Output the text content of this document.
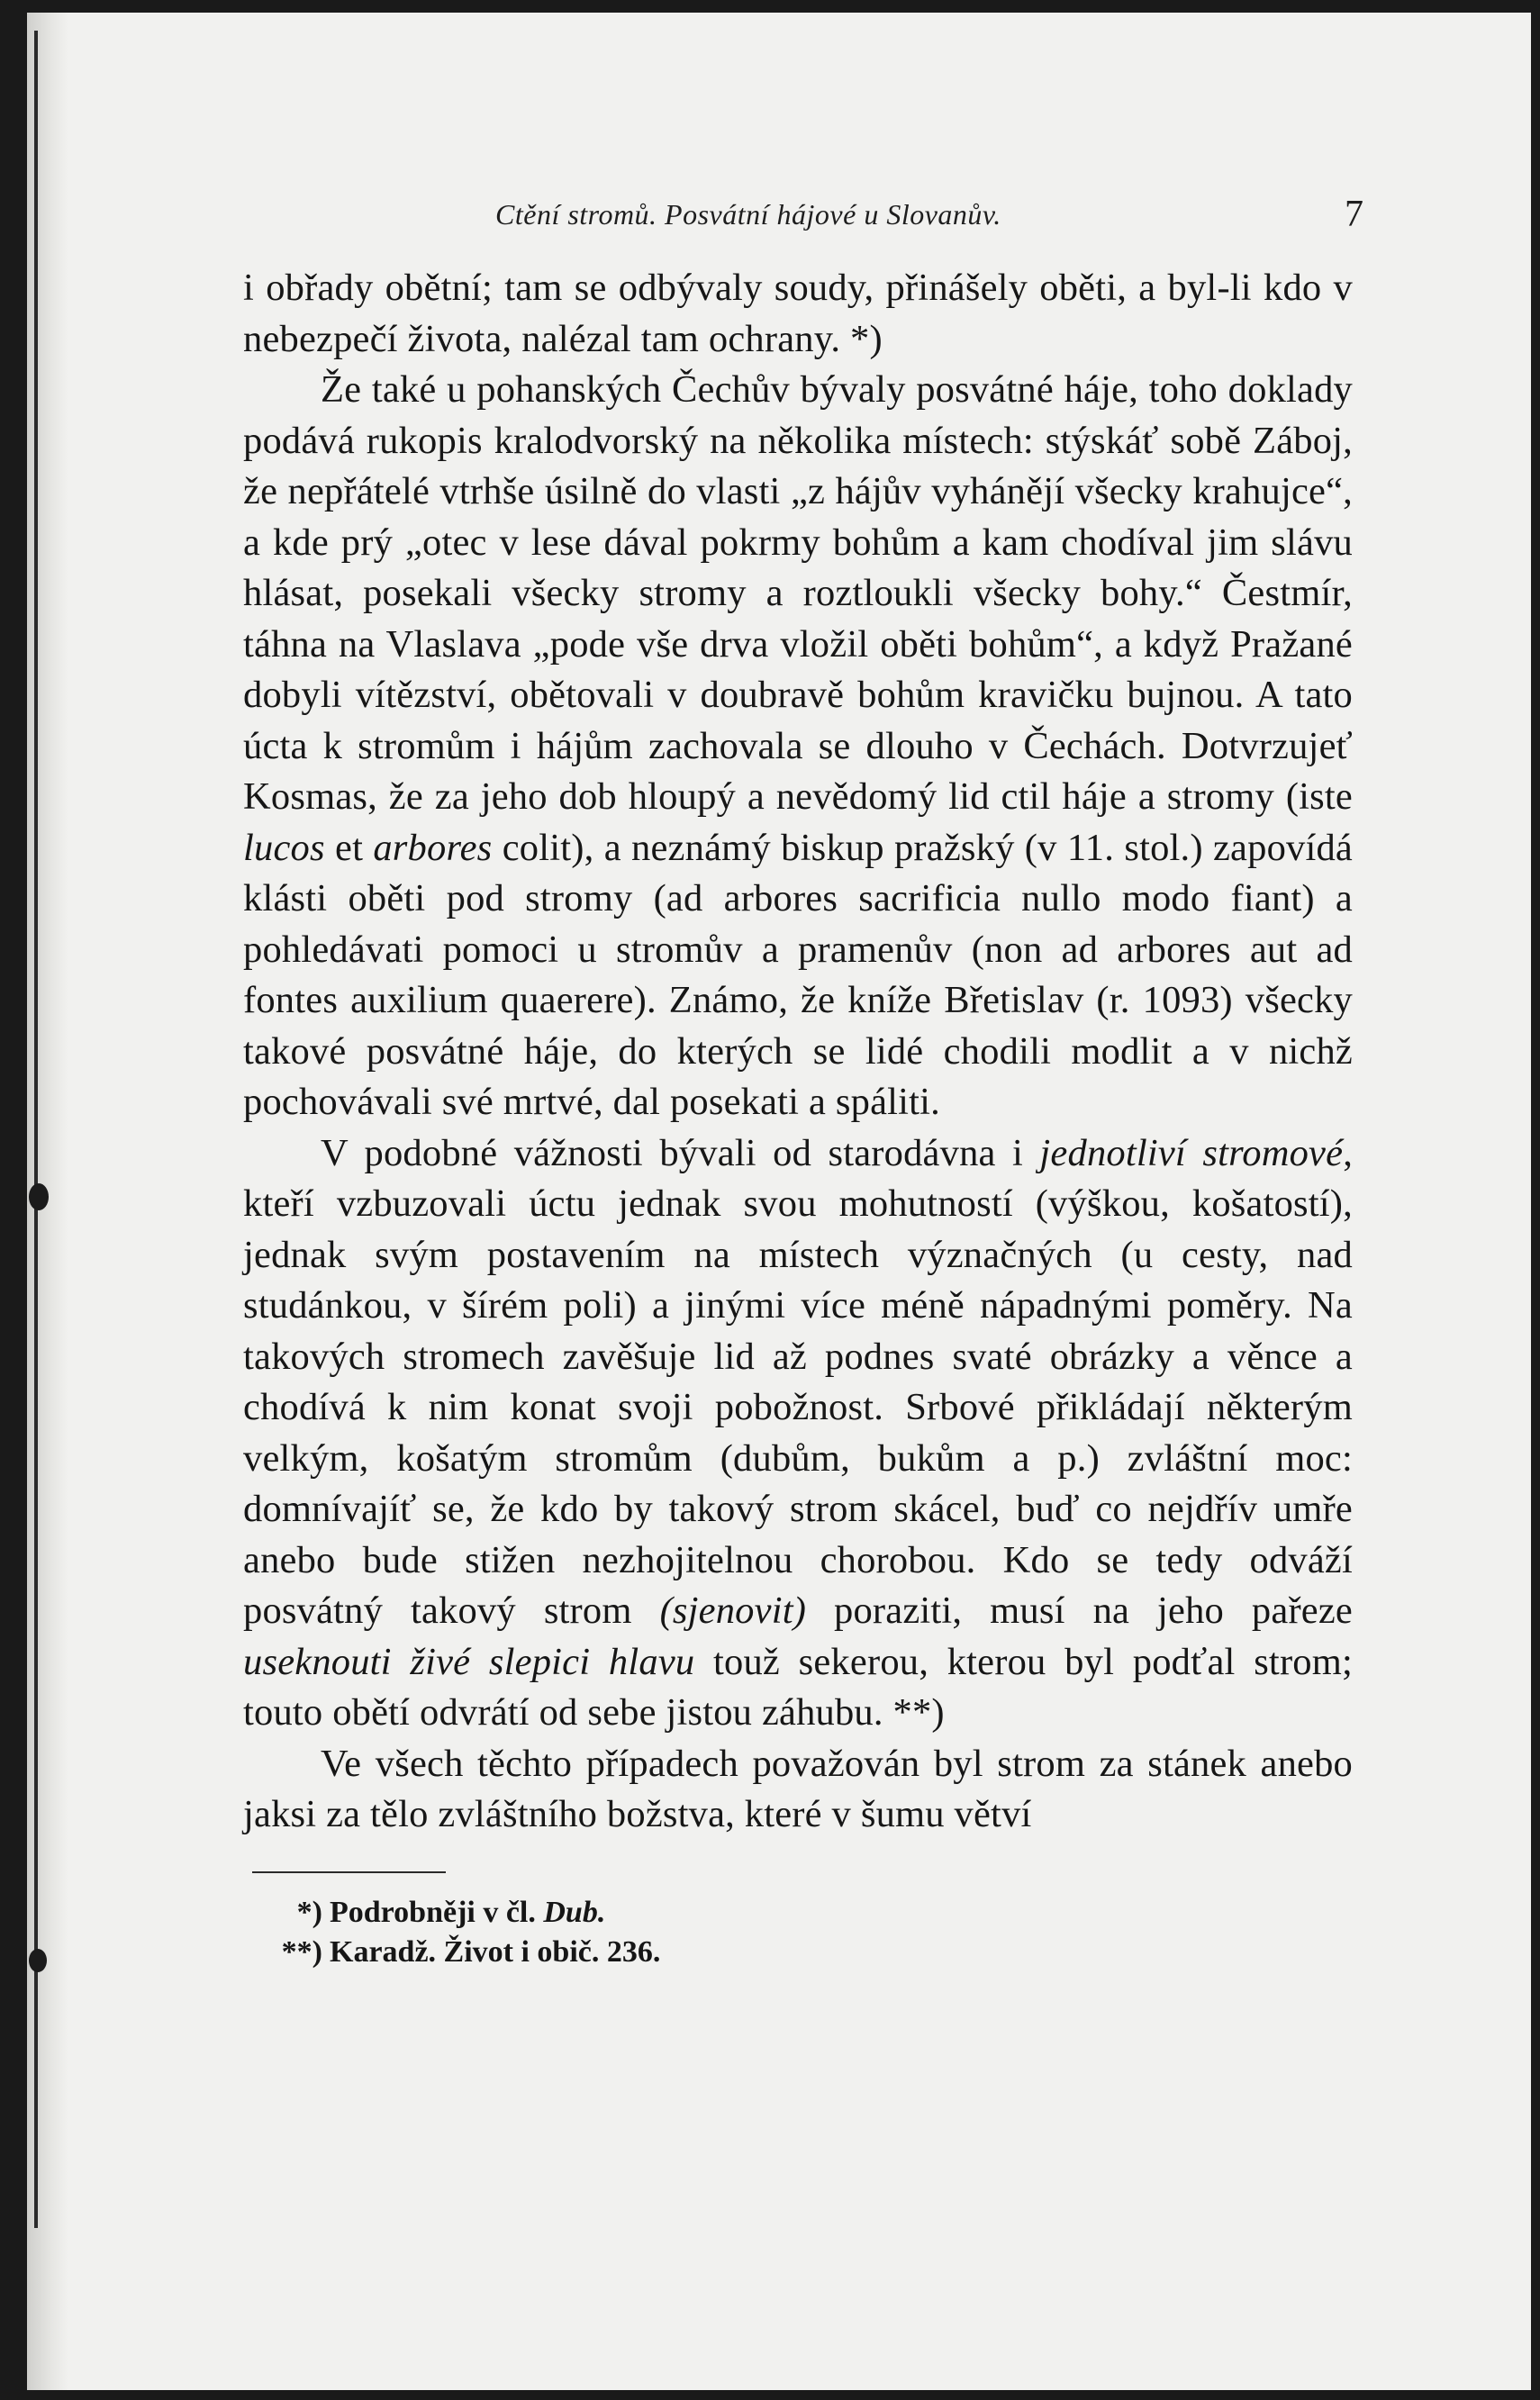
Ctění stromů. Posvátní hájové u Slovanův.	7

i obřady obětní; tam se odbývaly soudy, přinášely oběti, a byl-li kdo v nebezpečí života, nalézal tam ochrany. *)

Že také u pohanských Čechův bývaly posvátné háje, toho doklady podává rukopis kralodvorský na několika místech: stýskáť sobě Záboj, že nepřátelé vtrhše úsilně do vlasti „z hájův vyhánějí všecky krahujce“, a kde prý „otec v lese dával pokrmy bohům a kam chodíval jim slávu hlásat, posekali všecky stromy a roztloukli všecky bohy.“ Čestmír, táhna na Vlaslava „pode vše drva vložil oběti bohům“, a když Pražané dobyli vítězství, obětovali v doubravě bohům kravičku bujnou. A tato úcta k stromům i hájům zachovala se dlouho v Čechách. Dotvrzujeť Kosmas, že za jeho dob hloupý a nevědomý lid ctil háje a stromy (iste lucos et arbores colit), a neznámý biskup pražský (v 11. stol.) zapovídá klásti oběti pod stromy (ad arbores sacrificia nullo modo fiant) a pohledávati pomoci u stromův a pramenův (non ad arbores aut ad fontes auxilium quaerere). Známo, že kníže Břetislav (r. 1093) všecky takové posvátné háje, do kterých se lidé chodili modlit a v nichž pochovávali své mrtvé, dal posekati a spáliti.

V podobné vážnosti bývali od starodávna i jednotliví stromové, kteří vzbuzovali úctu jednak svou mohutností (výškou, košatostí), jednak svým postavením na místech význačných (u cesty, nad studánkou, v šírém poli) a jinými více méně nápadnými poměry. Na takových stromech zavěšuje lid až podnes svaté obrázky a věnce a chodívá k nim konat svoji pobožnost. Srbové přikládají některým velkým, košatým stromům (dubům, bukům a p.) zvláštní moc: domnívajíť se, že kdo by takový strom skácel, buď co nejdřív umře anebo bude stižen nezhojitelnou chorobou. Kdo se tedy odváží posvátný takový strom (sjenovit) poraziti, musí na jeho pařeze useknouti živé slepici hlavu touž sekerou, kterou byl podťal strom; touto obětí odvrátí od sebe jistou záhubu. **)

Ve všech těchto případech považován byl strom za stánek anebo jaksi za tělo zvláštního božstva, které v šumu větví

*) Podrobněji v čl. Dub.
**) Karadž. Život i obič. 236.
